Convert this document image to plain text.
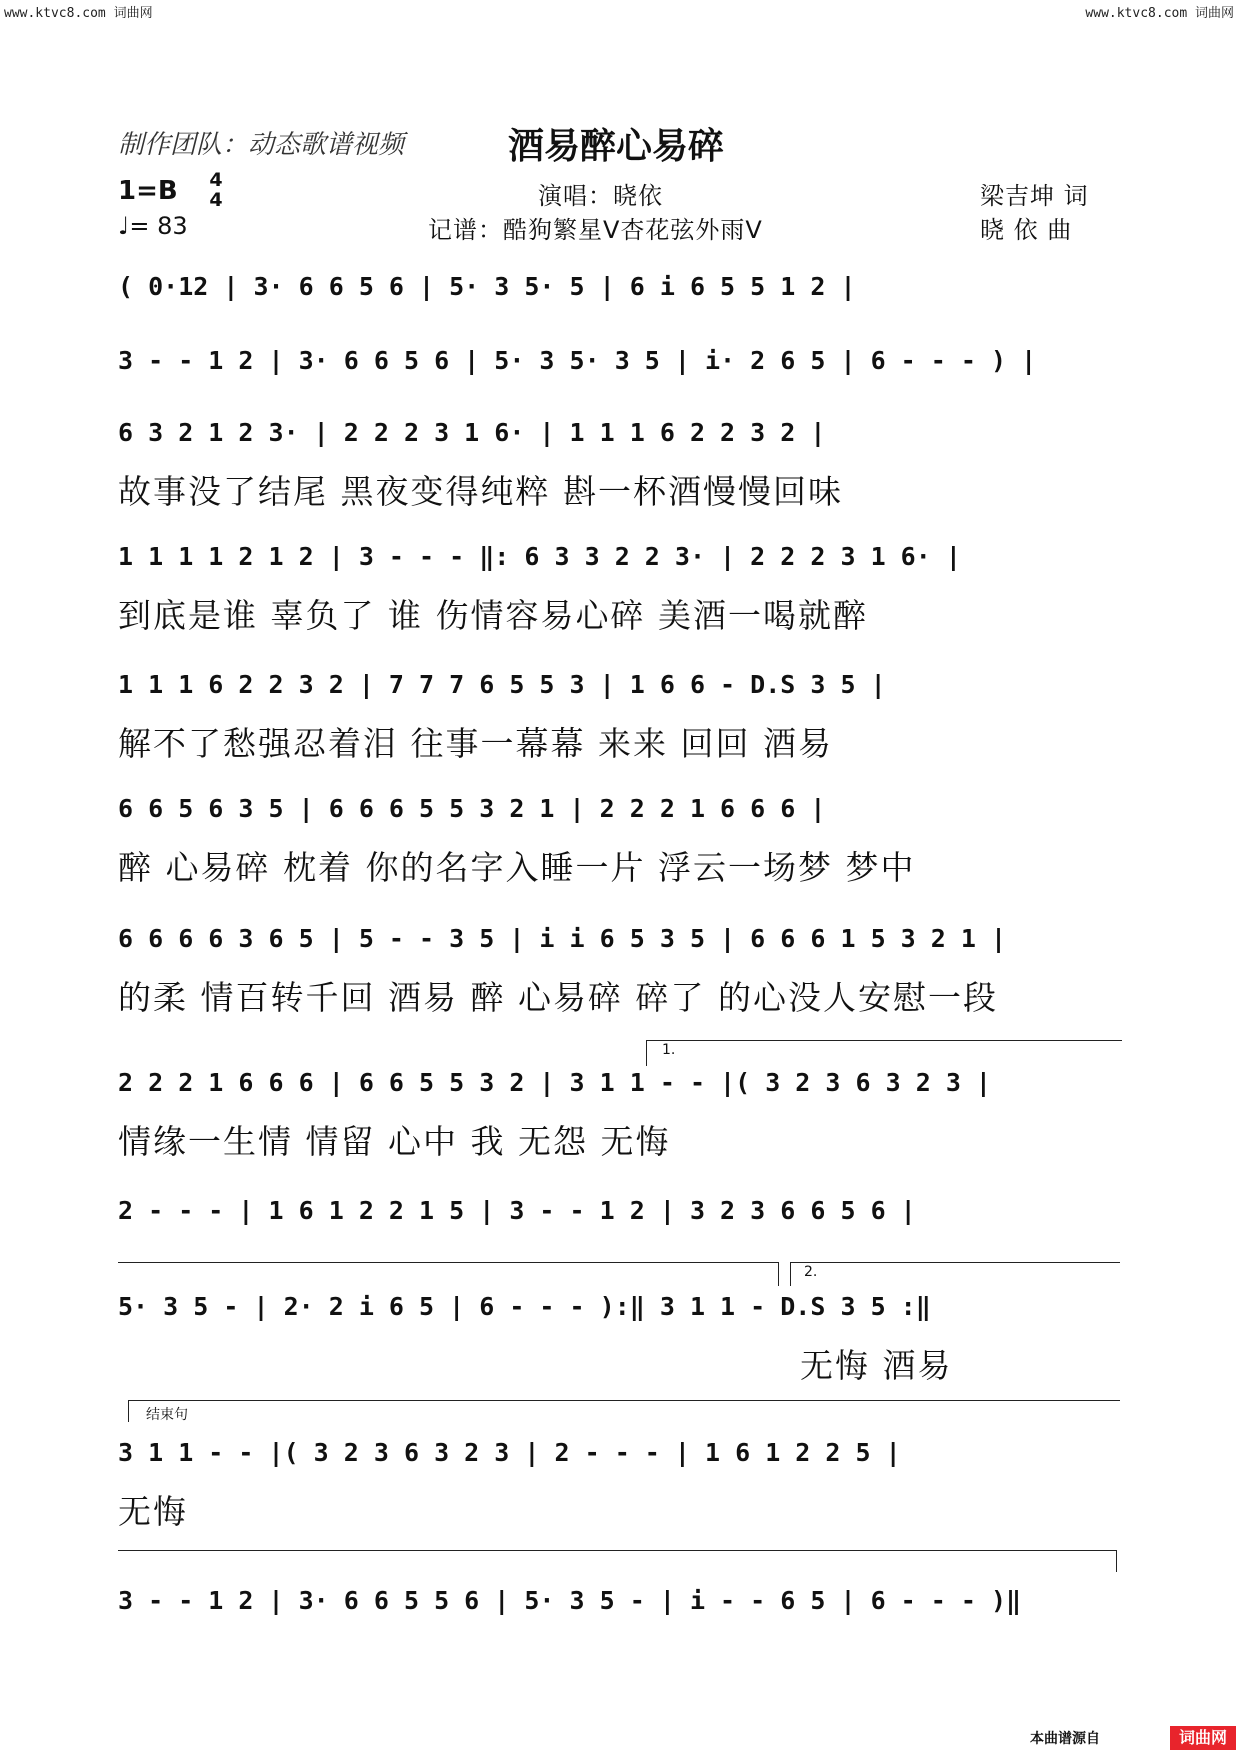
www.ktvc8.com 词曲网	www.ktvc8.com 词曲网
制作团队：动态歌谱视频	酒易醉心易碎
1=B 4
4
♩= 83
演唱：晓依
记谱：酷狗繁星V杏花弦外雨V
梁吉坤 词
晓 依 曲
( 0·12 | 3· 6 6 5 6 | 5· 3 5· 5 | 6 i 6 5 5 1 2 |
3 - - 1 2 | 3· 6 6 5 6 | 5· 3 5· 3 5 | i· 2 6 5 | 6 - - - ) |
6 3 2 1 2 3· | 2 2 2 3 1 6· | 1 1 1 6 2 2 3 2 |
故事没了结尾 黑夜变得纯粹 斟一杯酒慢慢回味
1 1 1 1 2 1 2 | 3 - - - ‖: 6 3 3 2 2 3· | 2 2 2 3 1 6· |
到底是谁 辜负了 谁 伤情容易心碎 美酒一喝就醉
1 1 1 6 2 2 3 2 | 7 7 7 6 5 5 3 | 1 6 6 - D.S 3 5 |
解不了愁强忍着泪 往事一幕幕 来来 回回 酒易
6 6 5 6 3 5 | 6 6 6 5 5 3 2 1 | 2 2 2 1 6 6 6 |
醉 心易碎 枕着 你的名字入睡一片 浮云一场梦 梦中
6 6 6 6 3 6 5 | 5 - - 3 5 | i i 6 5 3 5 | 6 6 6 1 5 3 2 1 |
的柔 情百转千回 酒易 醉 心易碎 碎了 的心没人安慰一段
1.
2 2 2 1 6 6 6 | 6 6 5 5 3 2 | 3 1 1 - - |( 3 2 3 6 3 2 3 |
情缘一生情 情留 心中 我 无怨 无悔
2 - - - | 1 6 1 2 2 1 5 | 3 - - 1 2 | 3 2 3 6 6 5 6 |
2.
5· 3 5 - | 2· 2 i 6 5 | 6 - - - ):‖ 3 1 1 - D.S 3 5 :‖
无悔 酒易
结束句
3 1 1 - - |( 3 2 3 6 3 2 3 | 2 - - - | 1 6 1 2 2 5 |
无悔
3 - - 1 2 | 3· 6 6 5 5 6 | 5· 3 5 - | i - - 6 5 | 6 - - - )‖
本曲谱源自	词曲网
